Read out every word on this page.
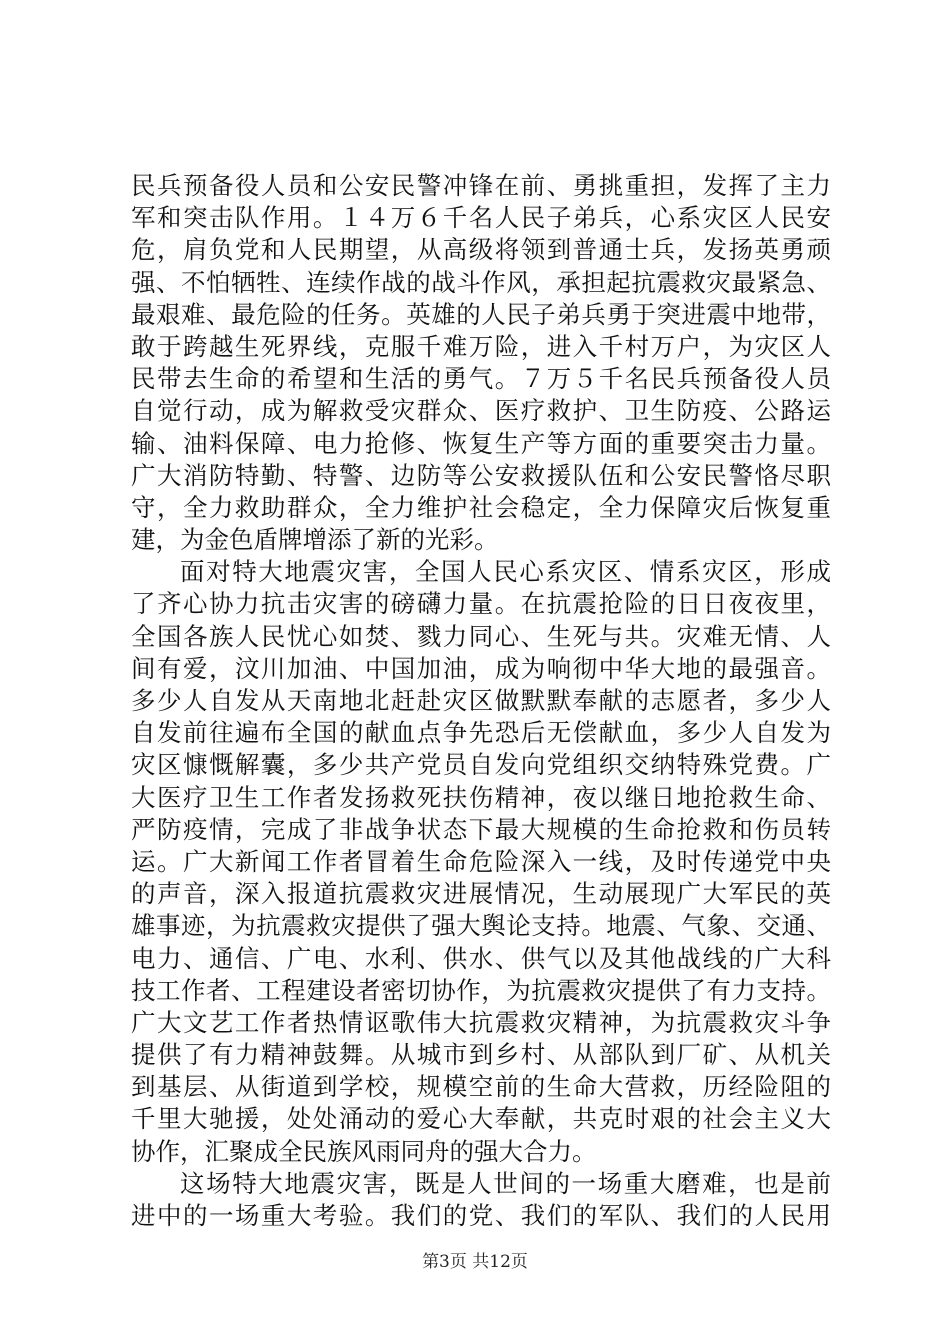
民兵预备役人员和公安民警冲锋在前、勇挑重担，发挥了主力
军和突击队作用。１４万６千名人民子弟兵，心系灾区人民安
危，肩负党和人民期望，从高级将领到普通士兵，发扬英勇顽
强、不怕牺牲、连续作战的战斗作风，承担起抗震救灾最紧急、
最艰难、最危险的任务。英雄的人民子弟兵勇于突进震中地带，
敢于跨越生死界线，克服千难万险，进入千村万户，为灾区人
民带去生命的希望和生活的勇气。７万５千名民兵预备役人员
自觉行动，成为解救受灾群众、医疗救护、卫生防疫、公路运
输、油料保障、电力抢修、恢复生产等方面的重要突击力量。
广大消防特勤、特警、边防等公安救援队伍和公安民警恪尽职
守，全力救助群众，全力维护社会稳定，全力保障灾后恢复重
建，为金色盾牌增添了新的光彩。
面对特大地震灾害，全国人民心系灾区、情系灾区，形成
了齐心协力抗击灾害的磅礴力量。在抗震抢险的日日夜夜里，
全国各族人民忧心如焚、戮力同心、生死与共。灾难无情、人
间有爱，汶川加油、中国加油，成为响彻中华大地的最强音。
多少人自发从天南地北赶赴灾区做默默奉献的志愿者，多少人
自发前往遍布全国的献血点争先恐后无偿献血，多少人自发为
灾区慷慨解囊，多少共产党员自发向党组织交纳特殊党费。广
大医疗卫生工作者发扬救死扶伤精神，夜以继日地抢救生命、
严防疫情，完成了非战争状态下最大规模的生命抢救和伤员转
运。广大新闻工作者冒着生命危险深入一线，及时传递党中央
的声音，深入报道抗震救灾进展情况，生动展现广大军民的英
雄事迹，为抗震救灾提供了强大舆论支持。地震、气象、交通、
电力、通信、广电、水利、供水、供气以及其他战线的广大科
技工作者、工程建设者密切协作，为抗震救灾提供了有力支持。
广大文艺工作者热情讴歌伟大抗震救灾精神，为抗震救灾斗争
提供了有力精神鼓舞。从城市到乡村、从部队到厂矿、从机关
到基层、从街道到学校，规模空前的生命大营救，历经险阻的
千里大驰援，处处涌动的爱心大奉献，共克时艰的社会主义大
协作，汇聚成全民族风雨同舟的强大合力。
这场特大地震灾害，既是人世间的一场重大磨难，也是前
进中的一场重大考验。我们的党、我们的军队、我们的人民用
第3页 共12页
